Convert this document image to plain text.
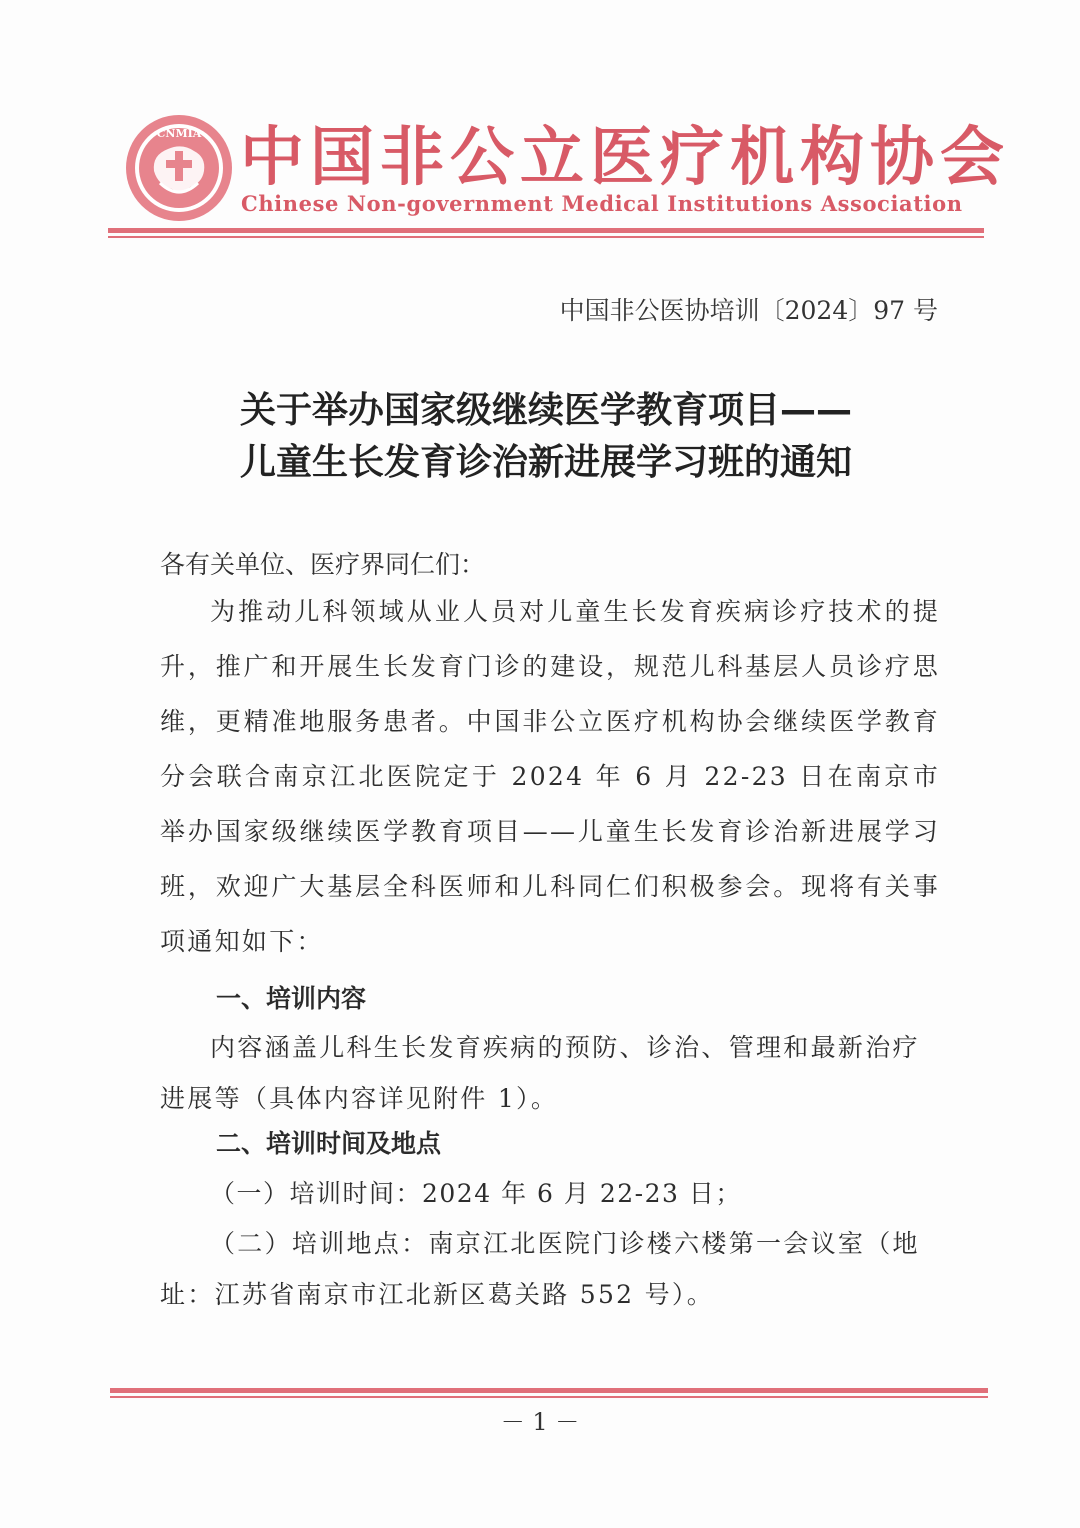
CNMIA 中国非公立医疗机构协会
Chinese Non-government Medical Institutions Association
中国非公医协培训〔2024〕97 号
关于举办国家级继续医学教育项目——
儿童生长发育诊治新进展学习班的通知
各有关单位、医疗界同仁们：
为推动儿科领域从业人员对儿童生长发育疾病诊疗技术的提升，推广和开展生长发育门诊的建设，规范儿科基层人员诊疗思维，更精准地服务患者。中国非公立医疗机构协会继续医学教育分会联合南京江北医院定于 2024 年 6 月 22-23 日在南京市举办国家级继续医学教育项目——儿童生长发育诊治新进展学习班，欢迎广大基层全科医师和儿科同仁们积极参会。现将有关事项通知如下：
一、培训内容
内容涵盖儿科生长发育疾病的预防、诊治、管理和最新治疗进展等（具体内容详见附件 1）。
二、培训时间及地点
（一）培训时间：2024 年 6 月 22-23 日；
（二）培训地点：南京江北医院门诊楼六楼第一会议室（地址：江苏省南京市江北新区葛关路 552 号）。
－ 1 －
